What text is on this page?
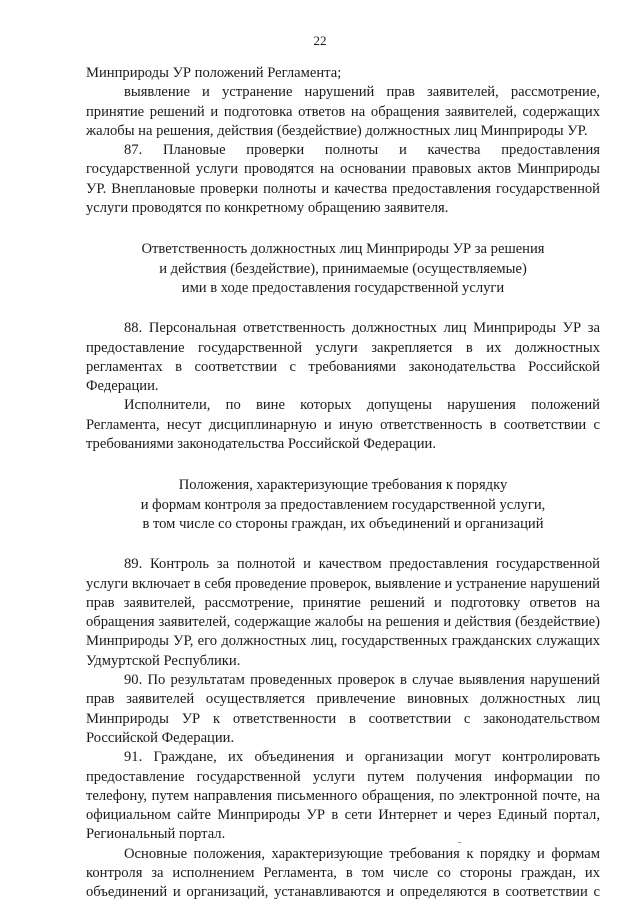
22

Минприроды УР положений Регламента;

выявление и устранение нарушений прав заявителей, рассмотрение, принятие решений и подготовка ответов на обращения заявителей, содержащих жалобы на решения, действия (бездействие) должностных лиц Минприроды УР.

87. Плановые проверки полноты и качества предоставления государственной услуги проводятся на основании правовых актов Минприроды УР. Внеплановые проверки полноты и качества предоставления государственной услуги проводятся по конкретному обращению заявителя.

Ответственность должностных лиц Минприроды УР за решения
и действия (бездействие), принимаемые (осуществляемые)
ими в ходе предоставления государственной услуги

88. Персональная ответственность должностных лиц Минприроды УР за предоставление государственной услуги закрепляется в их должностных регламентах в соответствии с требованиями законодательства Российской Федерации.

Исполнители, по вине которых допущены нарушения положений Регламента, несут дисциплинарную и иную ответственность в соответствии с требованиями законодательства Российской Федерации.

Положения, характеризующие требования к порядку
и формам контроля за предоставлением государственной услуги,
в том числе со стороны граждан, их объединений и организаций

89. Контроль за полнотой и качеством предоставления государственной услуги включает в себя проведение проверок, выявление и устранение нарушений прав заявителей, рассмотрение, принятие решений и подготовку ответов на обращения заявителей, содержащие жалобы на решения и действия (бездействие) Минприроды УР, его должностных лиц, государственных гражданских служащих Удмуртской Республики.

90. По результатам проведенных проверок в случае выявления нарушений прав заявителей осуществляется привлечение виновных должностных лиц Минприроды УР к ответственности в соответствии с законодательством Российской Федерации.

91. Граждане, их объединения и организации могут контролировать предоставление государственной услуги путем получения информации по телефону, путем направления письменного обращения, по электронной почте, на официальном сайте Минприроды УР в сети Интернет и через Единый портал, Региональный портал.

Основные положения, характеризующие требования к порядку и формам контроля за исполнением Регламента, в том числе со стороны граждан, их объединений и организаций, устанавливаются и определяются в соответствии с
